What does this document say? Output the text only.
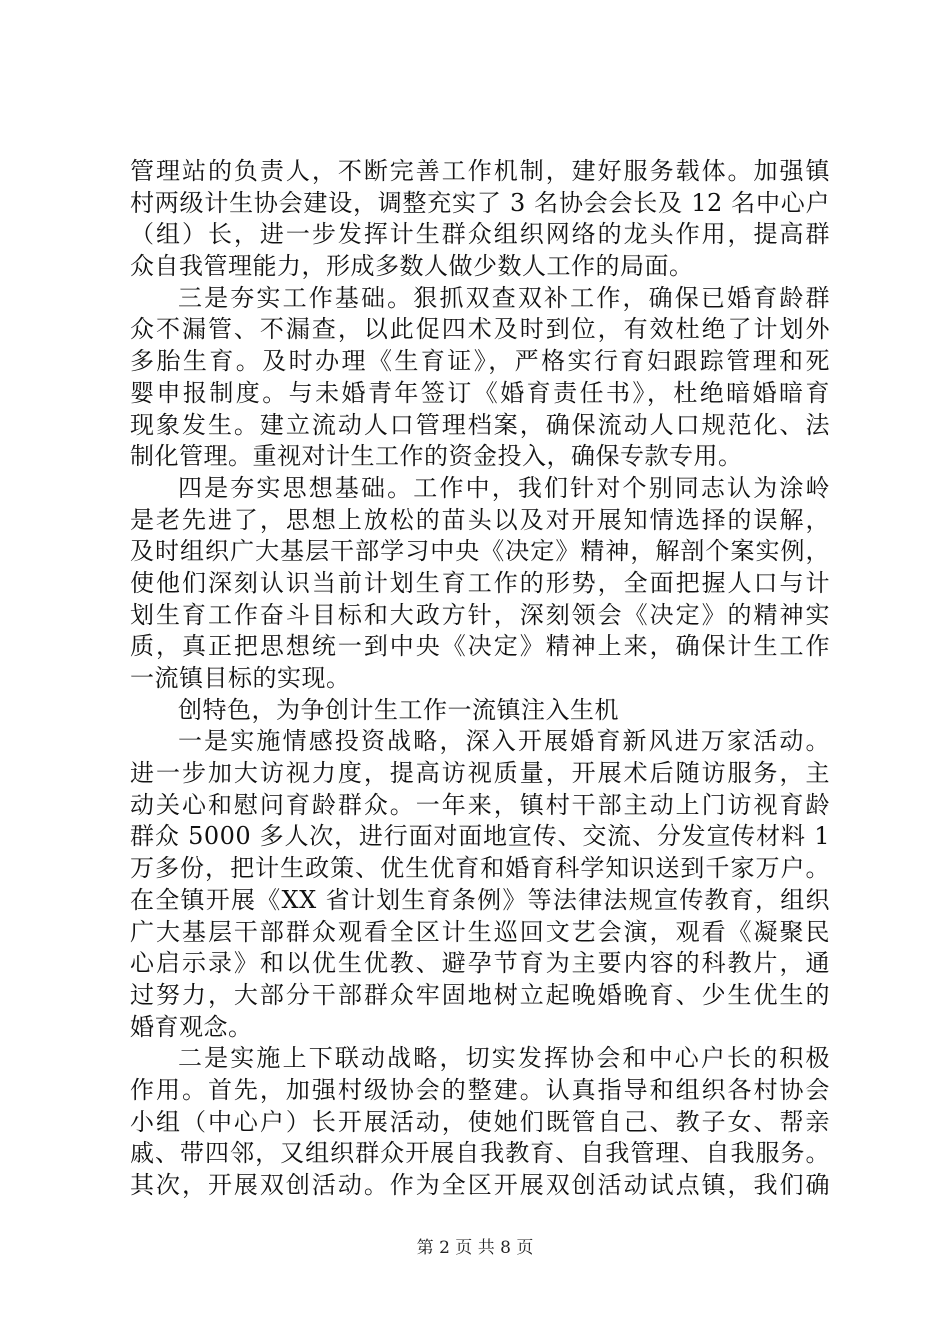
管理站的负责人，不断完善工作机制，建好服务载体。加强镇
村两级计生协会建设，调整充实了 3 名协会会长及 12 名中心户
（组）长，进一步发挥计生群众组织网络的龙头作用，提高群
众自我管理能力，形成多数人做少数人工作的局面。
三是夯实工作基础。狠抓双查双补工作，确保已婚育龄群
众不漏管、不漏查，以此促四术及时到位，有效杜绝了计划外
多胎生育。及时办理《生育证》，严格实行育妇跟踪管理和死
婴申报制度。与未婚青年签订《婚育责任书》，杜绝暗婚暗育
现象发生。建立流动人口管理档案，确保流动人口规范化、法
制化管理。重视对计生工作的资金投入，确保专款专用。
四是夯实思想基础。工作中，我们针对个别同志认为涂岭
是老先进了，思想上放松的苗头以及对开展知情选择的误解，
及时组织广大基层干部学习中央《决定》精神，解剖个案实例，
使他们深刻认识当前计划生育工作的形势，全面把握人口与计
划生育工作奋斗目标和大政方针，深刻领会《决定》的精神实
质，真正把思想统一到中央《决定》精神上来，确保计生工作
一流镇目标的实现。
创特色，为争创计生工作一流镇注入生机
一是实施情感投资战略，深入开展婚育新风进万家活动。
进一步加大访视力度，提高访视质量，开展术后随访服务，主
动关心和慰问育龄群众。一年来，镇村干部主动上门访视育龄
群众 5000 多人次，进行面对面地宣传、交流、分发宣传材料 1
万多份，把计生政策、优生优育和婚育科学知识送到千家万户。
在全镇开展《XX 省计划生育条例》等法律法规宣传教育，组织
广大基层干部群众观看全区计生巡回文艺会演，观看《凝聚民
心启示录》和以优生优教、避孕节育为主要内容的科教片，通
过努力，大部分干部群众牢固地树立起晚婚晚育、少生优生的
婚育观念。
二是实施上下联动战略，切实发挥协会和中心户长的积极
作用。首先，加强村级协会的整建。认真指导和组织各村协会
小组（中心户）长开展活动，使她们既管自己、教子女、帮亲
戚、带四邻，又组织群众开展自我教育、自我管理、自我服务。
其次，开展双创活动。作为全区开展双创活动试点镇，我们确
第 2 页 共 8 页
